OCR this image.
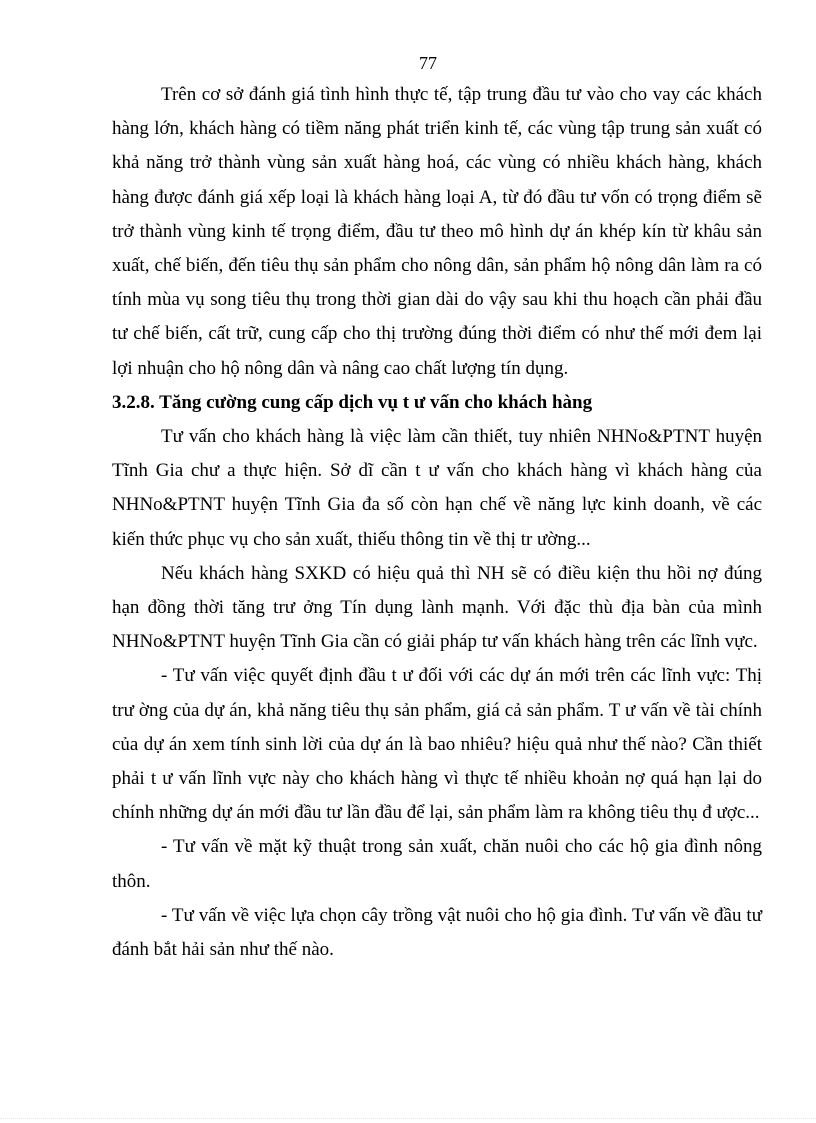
77

Trên cơ sở đánh giá tình hình thực tế, tập trung đầu tư vào cho vay các khách hàng lớn, khách hàng có tiềm năng phát triển kinh tế, các vùng tập trung sản xuất có khả năng trở thành vùng sản xuất hàng hoá, các vùng có nhiều khách hàng, khách hàng được đánh giá xếp loại là khách hàng loại A, từ đó đầu tư vốn có trọng điểm sẽ trở thành vùng kinh tế trọng điểm, đầu tư theo mô hình dự án khép kín từ khâu sản xuất, chế biến, đến tiêu thụ sản phẩm cho nông dân, sản phẩm hộ nông dân làm ra có tính mùa vụ song tiêu thụ trong thời gian dài do vậy sau khi thu hoạch cần phải đầu tư chế biến, cất trữ, cung cấp cho thị trường đúng thời điểm có như thế mới đem lại lợi nhuận cho hộ nông dân và nâng cao chất lượng tín dụng.

3.2.8. Tăng cường cung cấp dịch vụ t ư vấn cho khách hàng

Tư vấn cho khách hàng là việc làm cần thiết, tuy nhiên NHNo&PTNT huyện Tĩnh Gia chư a thực hiện. Sở dĩ cần t ư vấn cho khách hàng vì khách hàng của NHNo&PTNT huyện Tĩnh Gia đa số còn hạn chế về năng lực kinh doanh, về các kiến thức phục vụ cho sản xuất, thiếu thông tin về thị tr ường...

Nếu khách hàng SXKD có hiệu quả thì NH sẽ có điều kiện thu hồi nợ đúng hạn đồng thời tăng trư ởng Tín dụng lành mạnh. Với đặc thù địa bàn của mình NHNo&PTNT huyện Tĩnh Gia cần có giải pháp tư vấn khách hàng trên các lĩnh vực.

- Tư vấn việc quyết định đầu t ư đối với các dự án mới trên các lĩnh vực: Thị trư ờng của dự án, khả năng tiêu thụ sản phẩm, giá cả sản phẩm. T ư vấn về tài chính của dự án xem tính sinh lời của dự án là bao nhiêu? hiệu quả như thế nào? Cần thiết phải t ư vấn lĩnh vực này cho khách hàng vì thực tế nhiều khoản nợ quá hạn lại do chính những dự án mới đầu tư lần đầu để lại, sản phẩm làm ra không tiêu thụ đ ược...

- Tư vấn về mặt kỹ thuật trong sản xuất, chăn nuôi cho các hộ gia đình nông thôn.

- Tư vấn về việc lựa chọn cây trồng vật nuôi cho hộ gia đình. Tư vấn về đầu tư đánh bắt hải sản như thế nào.
